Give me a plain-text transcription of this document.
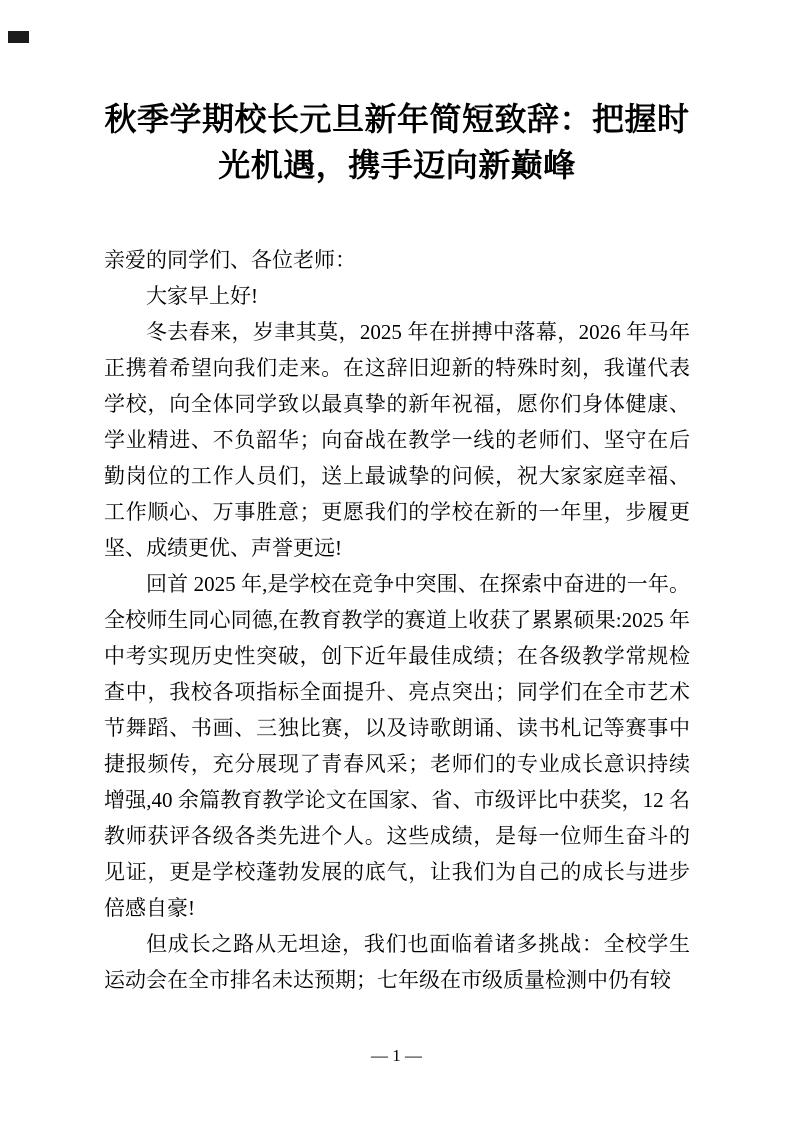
秋季学期校长元旦新年简短致辞：把握时光机遇，携手迈向新巅峰

亲爱的同学们、各位老师：

大家早上好!

冬去春来，岁聿其莫，2025 年在拼搏中落幕，2026 年马年正携着希望向我们走来。在这辞旧迎新的特殊时刻，我谨代表学校，向全体同学致以最真挚的新年祝福，愿你们身体健康、学业精进、不负韶华；向奋战在教学一线的老师们、坚守在后勤岗位的工作人员们，送上最诚挚的问候，祝大家家庭幸福、工作顺心、万事胜意；更愿我们的学校在新的一年里，步履更坚、成绩更优、声誉更远!

回首 2025 年,是学校在竞争中突围、在探索中奋进的一年。全校师生同心同德,在教育教学的赛道上收获了累累硕果:2025 年中考实现历史性突破，创下近年最佳成绩；在各级教学常规检查中，我校各项指标全面提升、亮点突出；同学们在全市艺术节舞蹈、书画、三独比赛，以及诗歌朗诵、读书札记等赛事中捷报频传，充分展现了青春风采；老师们的专业成长意识持续增强,40 余篇教育教学论文在国家、省、市级评比中获奖，12 名教师获评各级各类先进个人。这些成绩，是每一位师生奋斗的见证，更是学校蓬勃发展的底气，让我们为自己的成长与进步倍感自豪!

但成长之路从无坦途，我们也面临着诸多挑战：全校学生运动会在全市排名未达预期；七年级在市级质量检测中仍有较

— 1 —
